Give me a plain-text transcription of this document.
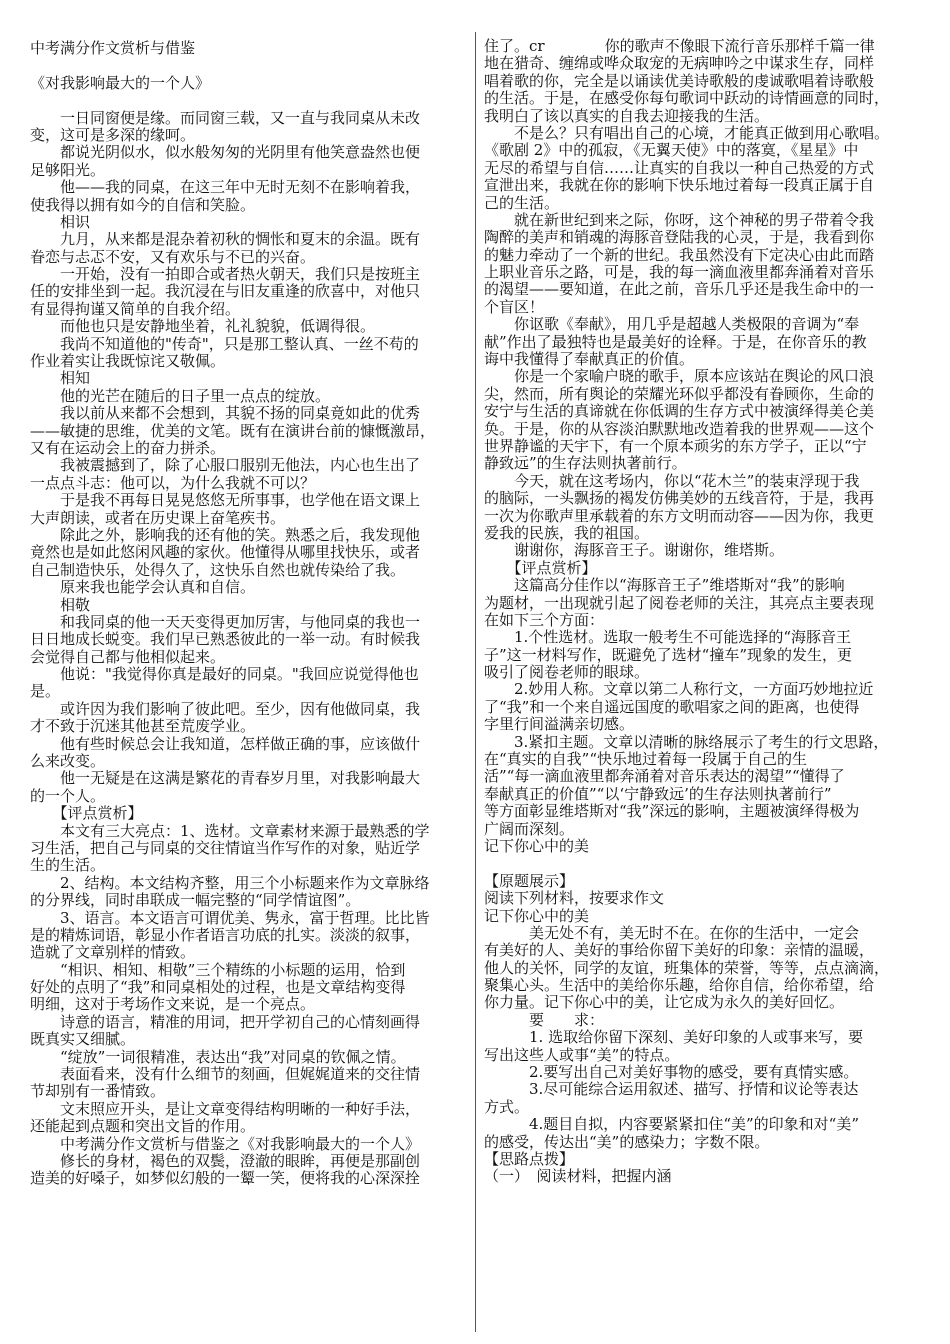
中考满分作文赏析与借鉴
《对我影响最大的一个人》
　　一日同窗便是缘。而同窗三载，又一直与我同桌从未改
变，这可是多深的缘呵。
　　都说光阴似水，似水般匆匆的光阴里有他笑意盎然也便
足够阳光。
　　他——我的同桌，在这三年中无时无刻不在影响着我，
使我得以拥有如今的自信和笑脸。
　　相识
　　九月，从来都是混杂着初秋的惆怅和夏末的余温。既有
眷恋与忐忑不安，又有欢乐与不已的兴奋。
　　一开始，没有一拍即合或者热火朝天，我们只是按班主
任的安排坐到一起。我沉浸在与旧友重逢的欣喜中，对他只
有显得拘谨又简单的自我介绍。
　　而他也只是安静地坐着，礼礼貌貌，低调得很。
　　我尚不知道他的"传奇"，只是那工整认真、一丝不苟的
作业着实让我既惊诧又敬佩。
　　相知
　　他的光芒在随后的日子里一点点的绽放。
　　我以前从来都不会想到，其貌不扬的同桌竟如此的优秀
——敏捷的思维，优美的文笔。既有在演讲台前的慷慨激昂，
又有在运动会上的奋力拼杀。
　　我被震撼到了，除了心服口服别无他法，内心也生出了
一点点斗志：他可以，为什么我就不可以？
　　于是我不再每日晃晃悠悠无所事事，也学他在语文课上
大声朗读，或者在历史课上奋笔疾书。
　　除此之外，影响我的还有他的笑。熟悉之后，我发现他
竟然也是如此悠闲风趣的家伙。他懂得从哪里找快乐，或者
自己制造快乐，处得久了，这快乐自然也就传染给了我。
　　原来我也能学会认真和自信。
　　相敬
　　和我同桌的他一天天变得更加厉害，与他同桌的我也一
日日地成长蜕变。我们早已熟悉彼此的一举一动。有时候我
会觉得自己都与他相似起来。
　　他说："我觉得你真是最好的同桌。"我回应说觉得他也
是。
　　或许因为我们影响了彼此吧。至少，因有他做同桌，我
才不致于沉迷其他甚至荒废学业。
　　他有些时候总会让我知道，怎样做正确的事，应该做什
么来改变。
　　他一无疑是在这满是繁花的青春岁月里，对我影响最大
的一个人。
　　【评点赏析】
　　本文有三大亮点：1、选材。文章素材来源于最熟悉的学
习生活，把自己与同桌的交往情谊当作写作的对象，贴近学
生的生活。
　　2、结构。本文结构齐整，用三个小标题来作为文章脉络
的分界线，同时串联成一幅完整的“同学情谊图”。
　　3、语言。本文语言可谓优美、隽永，富于哲理。比比皆
是的精炼词语，彰显小作者语言功底的扎实。淡淡的叙事，
造就了文章别样的情致。
　　“相识、相知、相敬”三个精练的小标题的运用，恰到
好处的点明了“我”和同桌相处的过程，也是文章结构变得
明细，这对于考场作文来说，是一个亮点。
　　诗意的语言，精准的用词，把开学初自己的心情刻画得
既真实又细腻。
　　“绽放”一词很精准，表达出“我”对同桌的钦佩之情。
　　表面看来，没有什么细节的刻画，但娓娓道来的交往情
节却别有一番情致。
　　文末照应开头，是让文章变得结构明晰的一种好手法，
还能起到点题和突出文旨的作用。
　　中考满分作文赏析与借鉴之《对我影响最大的一个人》
　　修长的身材，褐色的双鬓，澄澈的眼眸，再便是那副创
造美的好嗓子，如梦似幻般的一颦一笑，便将我的心深深拴
住了。cr　　　　你的歌声不像眼下流行音乐那样千篇一律
地在猎奇、缠绵或哗众取宠的无病呻吟之中谋求生存，同样
唱着歌的你，完全是以诵读优美诗歌般的虔诚歌唱着诗歌般
的生活。于是，在感受你每句歌词中跃动的诗情画意的同时，
我明白了该以真实的自我去迎接我的生活。
　　不是么？只有唱出自己的心境，才能真正做到用心歌唱。
《歌剧 2》中的孤寂，《无翼天使》中的落寞，《星星》中
无尽的希望与自信……让真实的自我以一种自己热爱的方式
宣泄出来，我就在你的影响下快乐地过着每一段真正属于自
己的生活。
　　就在新世纪到来之际，你呀，这个神秘的男子带着令我
陶醉的美声和销魂的海豚音登陆我的心灵，于是，我看到你
的魅力牵动了一个新的世纪。我虽然没有下定决心由此而踏
上职业音乐之路，可是，我的每一滴血液里都奔涌着对音乐
的渴望——要知道，在此之前，音乐几乎还是我生命中的一
个盲区！
　　你讴歌《奉献》，用几乎是超越人类极限的音调为“奉
献”作出了最独特也是最美好的诠释。于是，在你音乐的教
诲中我懂得了奉献真正的价值。
　　你是一个家喻户晓的歌手，原本应该站在舆论的风口浪
尖，然而，所有舆论的荣耀光环似乎都没有眷顾你，生命的
安宁与生活的真谛就在你低调的生存方式中被演绎得美仑美
奂。于是，你的从容淡泊默默地改造着我的世界观——这个
世界静谧的天宇下，有一个原本顽劣的东方学子，正以“宁
静致远”的生存法则执著前行。
　　今天，就在这考场内，你以“花木兰”的装束浮现于我
的脑际，一头飘扬的褐发仿佛美妙的五线音符，于是，我再
一次为你歌声里承载着的东方文明而动容——因为你，我更
爱我的民族，我的祖国。
　　谢谢你，海豚音王子。谢谢你，维塔斯。
　　【评点赏析】
　　这篇高分佳作以“海豚音王子”维塔斯对“我”的影响
为题材，一出现就引起了阅卷老师的关注，其亮点主要表现
在如下三个方面：
　　1.个性选材。选取一般考生不可能选择的“海豚音王
子”这一材料写作，既避免了选材“撞车”现象的发生，更
吸引了阅卷老师的眼球。
　　2.妙用人称。文章以第二人称行文，一方面巧妙地拉近
了“我”和一个来自遥远国度的歌唱家之间的距离，也使得
字里行间溢满亲切感。
　　3.紧扣主题。文章以清晰的脉络展示了考生的行文思路，
在“真实的自我”“快乐地过着每一段属于自己的生
活”“每一滴血液里都奔涌着对音乐表达的渴望”“懂得了
奉献真正的价值”“以‘宁静致远’的生存法则执著前行”
等方面彰显维塔斯对“我”深远的影响，主题被演绎得极为
广阔而深刻。
记下你心中的美
【原题展示】
阅读下列材料，按要求作文
记下你心中的美
　　　美无处不有，美无时不在。在你的生活中，一定会
有美好的人、美好的事给你留下美好的印象：亲情的温暖，
他人的关怀，同学的友谊，班集体的荣誉，等等，点点滴滴，
聚集心头。生活中的美给你乐趣，给你自信，给你希望，给
你力量。记下你心中的美，让它成为永久的美好回忆。
　　　要　　求：
　　　1. 选取给你留下深刻、美好印象的人或事来写，要
写出这些人或事“美”的特点。
　　　2.要写出自己对美好事物的感受，要有真情实感。
　　　3.尽可能综合运用叙述、描写、抒情和议论等表达
方式。
　　　4.题目自拟，内容要紧紧扣住“美”的印象和对“美”
的感受，传达出“美”的感染力；字数不限。
【思路点拨】
（一）　阅读材料，把握内涵
